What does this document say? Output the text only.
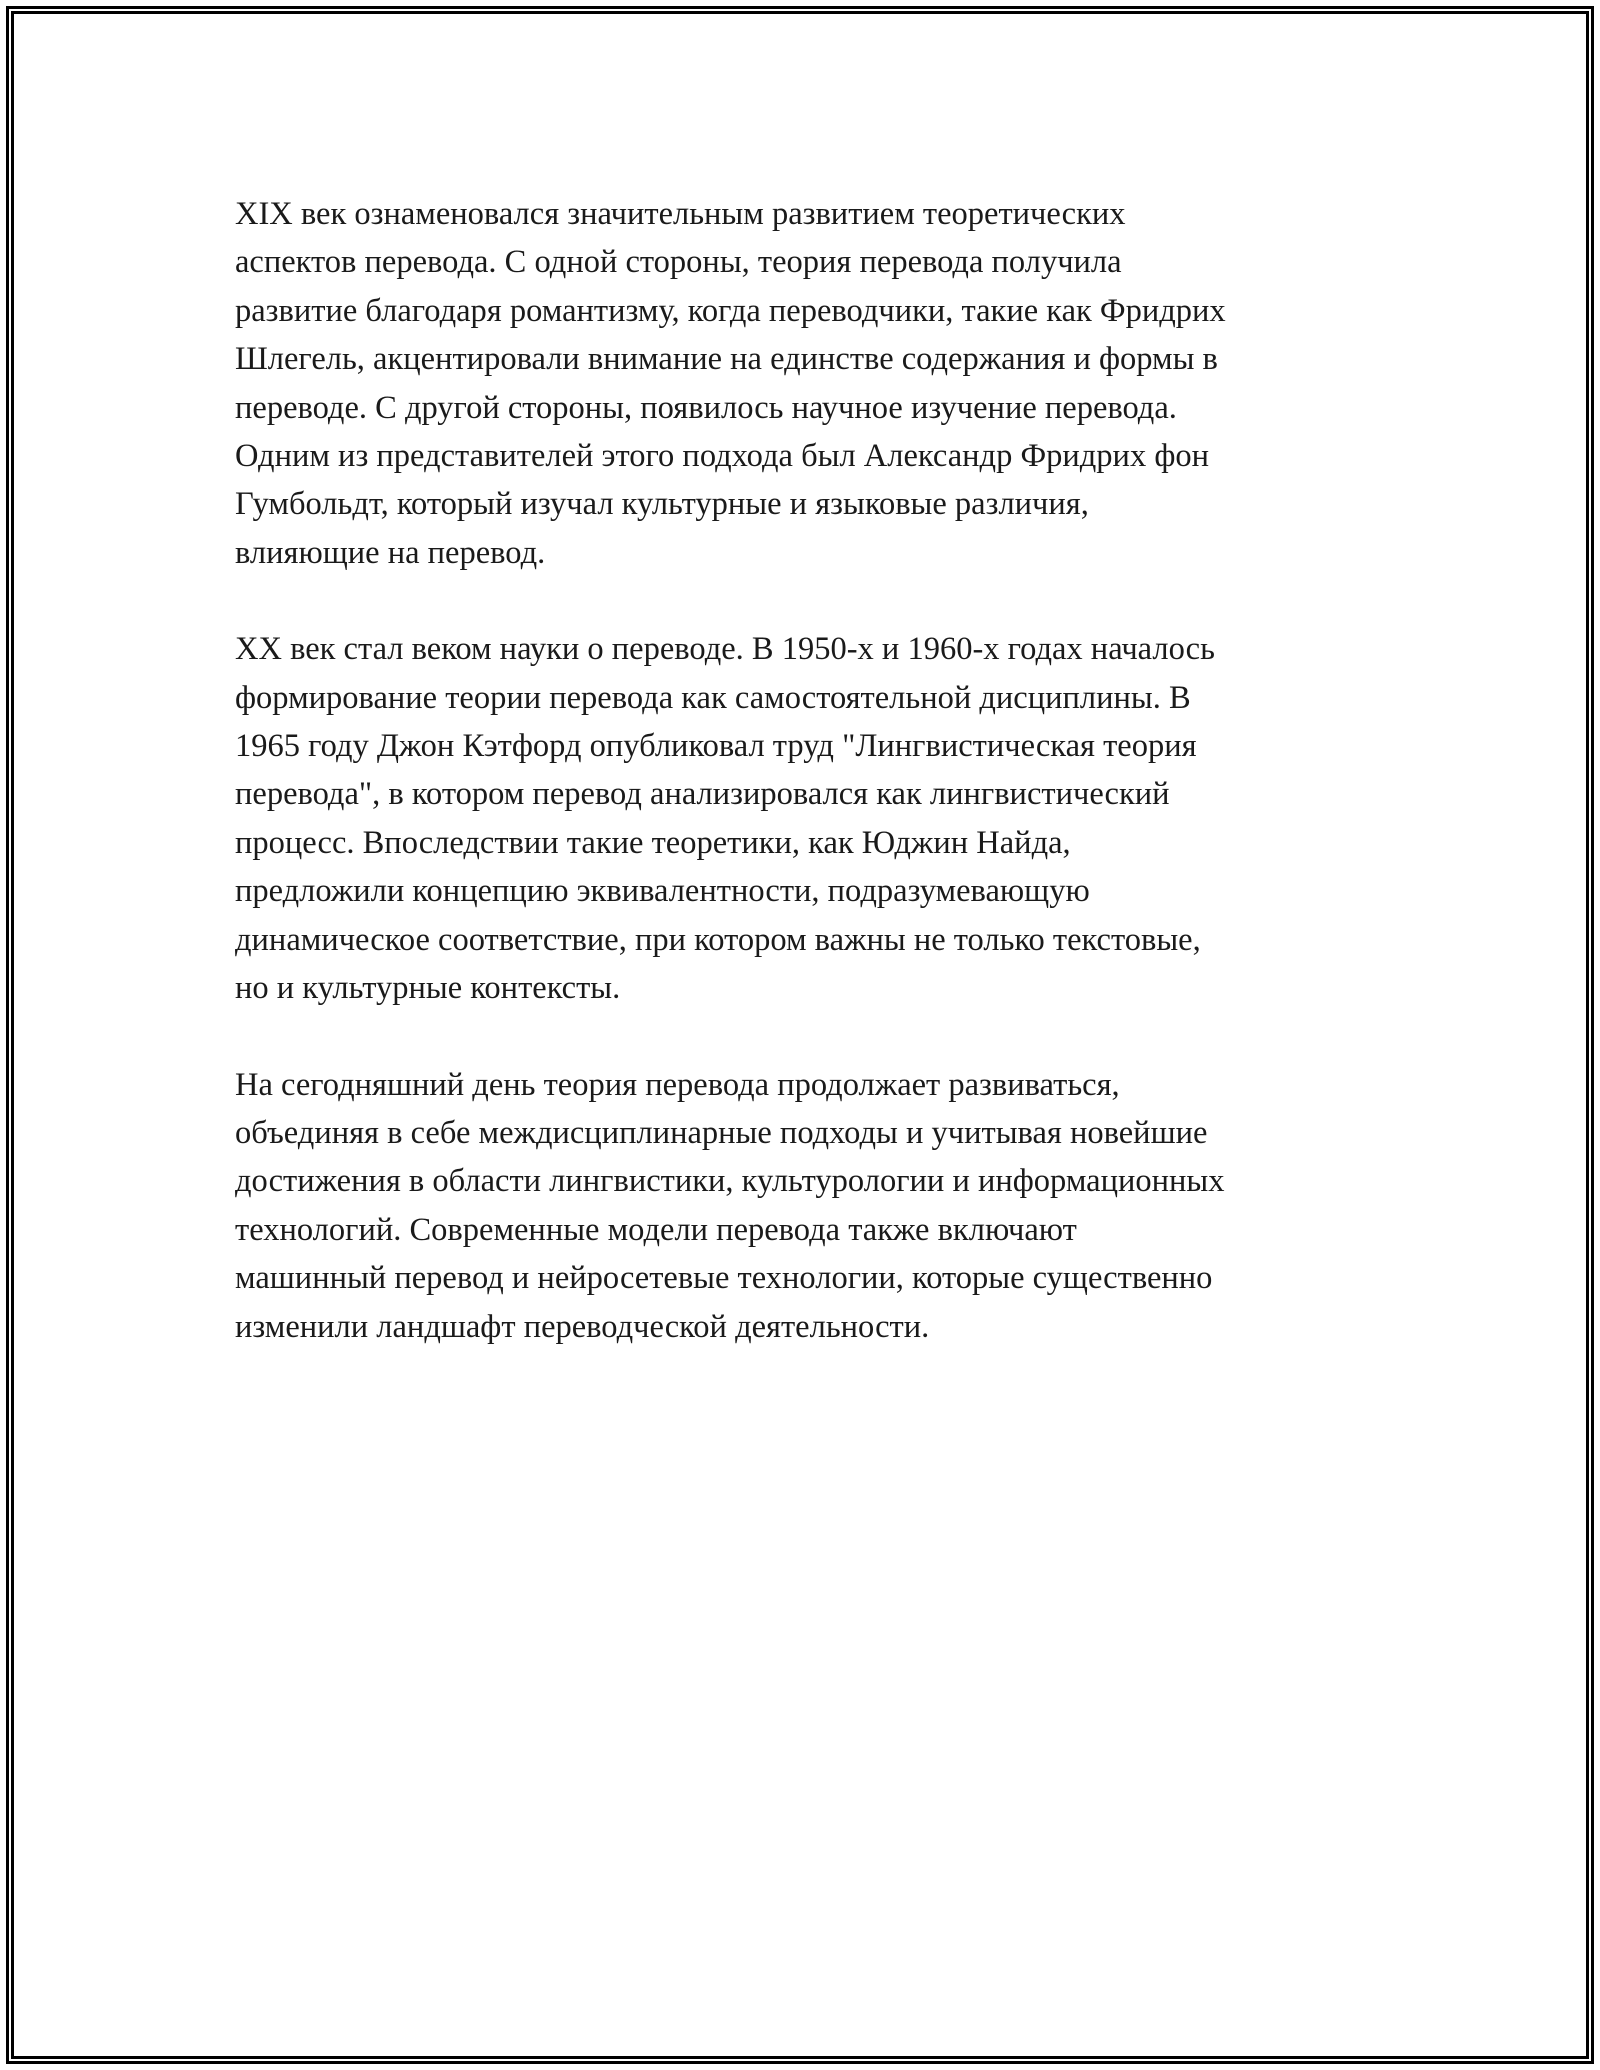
XIX век ознаменовался значительным развитием теоретических
аспектов перевода. С одной стороны, теория перевода получила
развитие благодаря романтизму, когда переводчики, такие как Фридрих
Шлегель, акцентировали внимание на единстве содержания и формы в
переводе. С другой стороны, появилось научное изучение перевода.
Одним из представителей этого подхода был Александр Фридрих фон
Гумбольдт, который изучал культурные и языковые различия,
влияющие на перевод.

XX век стал веком науки о переводе. В 1950-х и 1960-х годах началось
формирование теории перевода как самостоятельной дисциплины. В
1965 году Джон Кэтфорд опубликовал труд "Лингвистическая теория
перевода", в котором перевод анализировался как лингвистический
процесс. Впоследствии такие теоретики, как Юджин Найда,
предложили концепцию эквивалентности, подразумевающую
динамическое соответствие, при котором важны не только текстовые,
но и культурные контексты.

На сегодняшний день теория перевода продолжает развиваться,
объединяя в себе междисциплинарные подходы и учитывая новейшие
достижения в области лингвистики, культурологии и информационных
технологий. Современные модели перевода также включают
машинный перевод и нейросетевые технологии, которые существенно
изменили ландшафт переводческой деятельности.
